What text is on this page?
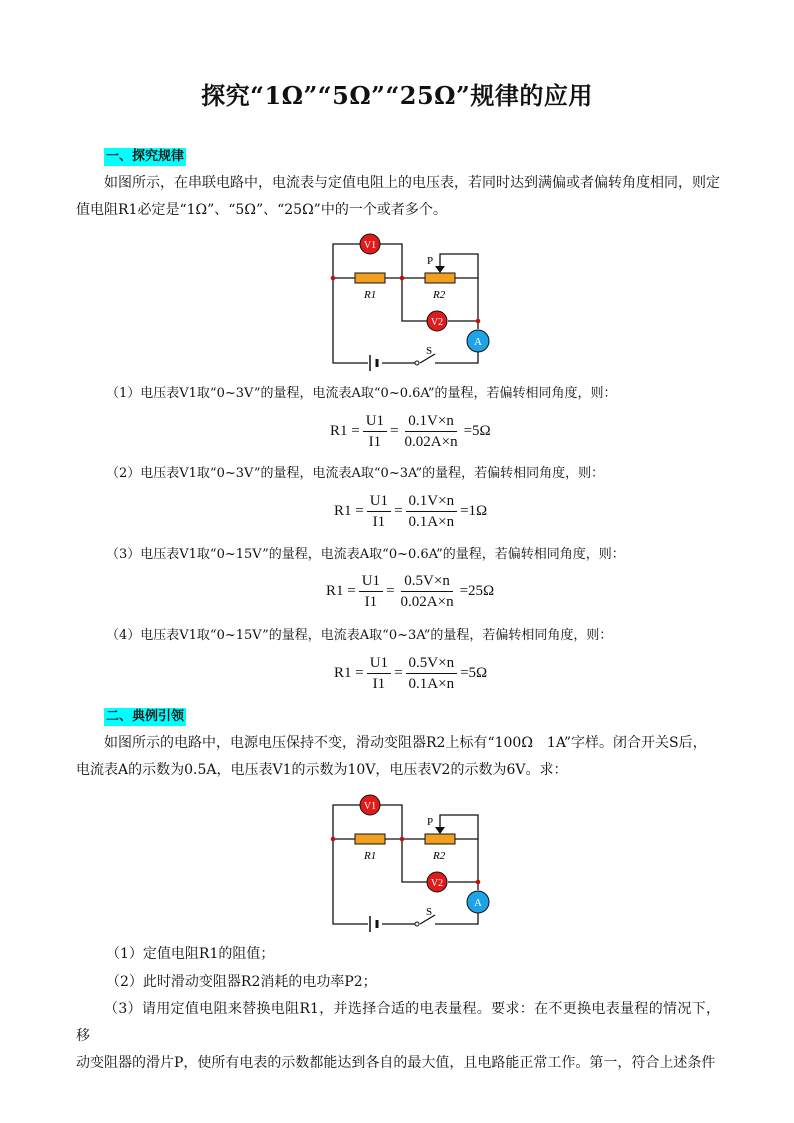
探究“1Ω”“5Ω”“25Ω”规律的应用
一、探究规律
如图所示，在串联电路中，电流表与定值电阻上的电压表，若同时达到满偏或者偏转角度相同，则定
值电阻R1必定是“1Ω”、“5Ω”、“25Ω”中的一个或者多个。
V1
V2
A
P
R1	R2
S
（1）电压表V1取“0~3V”的量程，电流表A取“0~0.6A”的量程，若偏转相同角度，则：
$R1 = \frac{U1}{I1} = \frac{0.1V\times n}{0.02A\times n} =5\Omega$
（2）电压表V1取“0~3V”的量程，电流表A取“0~3A”的量程，若偏转相同角度，则：
$R1 = \frac{U1}{I1} = \frac{0.1V\times n}{0.1A\times n} =1\Omega$
（3）电压表V1取“0~15V”的量程，电流表A取“0~0.6A”的量程，若偏转相同角度，则：
$R1 = \frac{U1}{I1} = \frac{0.5V\times n}{0.02A\times n} =25\Omega$
（4）电压表V1取“0~15V”的量程，电流表A取“0~3A”的量程，若偏转相同角度，则：
$R1 = \frac{U1}{I1} = \frac{0.5V\times n}{0.1A\times n} =5\Omega$
二、典例引领
如图所示的电路中，电源电压保持不变，滑动变阻器R2上标有“100Ω　1A”字样。闭合开关S后，
电流表A的示数为0.5A，电压表V1的示数为10V，电压表V2的示数为6V。求：
V1
V2
A
P
R1	R2
S
（1）定值电阻R1的阻值；
（2）此时滑动变阻器R2消耗的电功率P2；
（3）请用定值电阻来替换电阻R1，并选择合适的电表量程。要求：在不更换电表量程的情况下，移
动变阻器的滑片P，使所有电表的示数都能达到各自的最大值，且电路能正常工作。第一，符合上述条件
